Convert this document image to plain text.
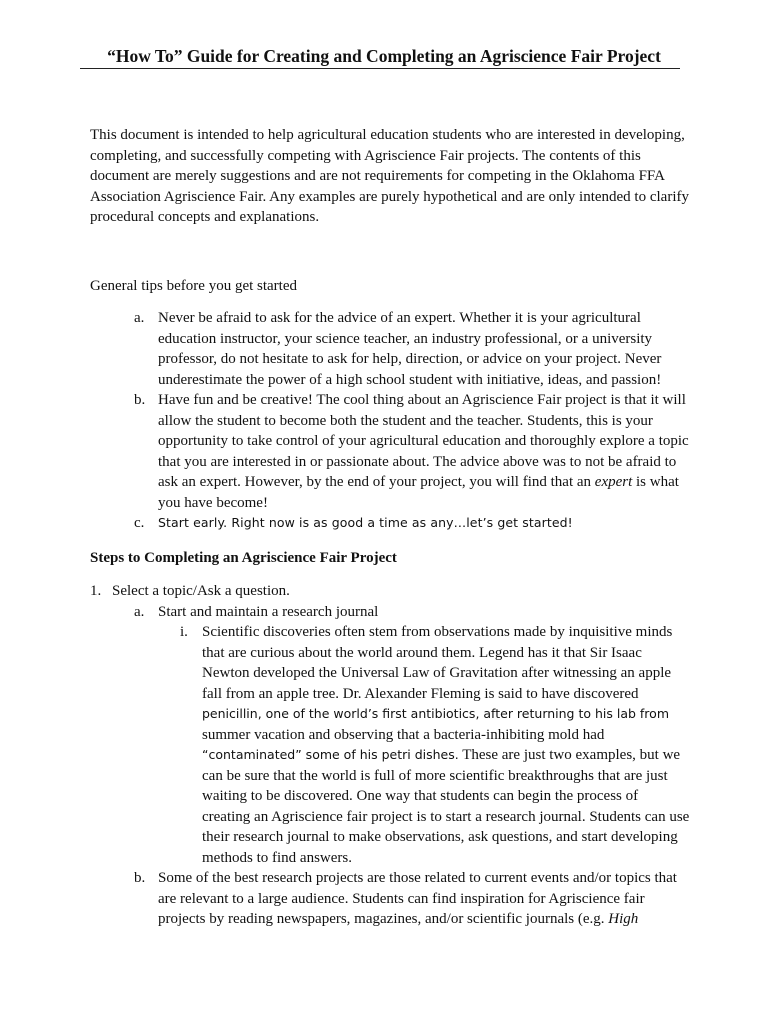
“How To” Guide for Creating and Completing an Agriscience Fair Project

This document is intended to help agricultural education students who are interested in developing, completing, and successfully competing with Agriscience Fair projects. The contents of this document are merely suggestions and are not requirements for competing in the Oklahoma FFA Association Agriscience Fair. Any examples are purely hypothetical and are only intended to clarify procedural concepts and explanations.

General tips before you get started

a. Never be afraid to ask for the advice of an expert. Whether it is your agricultural education instructor, your science teacher, an industry professional, or a university professor, do not hesitate to ask for help, direction, or advice on your project. Never underestimate the power of a high school student with initiative, ideas, and passion!
b. Have fun and be creative! The cool thing about an Agriscience Fair project is that it will allow the student to become both the student and the teacher. Students, this is your opportunity to take control of your agricultural education and thoroughly explore a topic that you are interested in or passionate about. The advice above was to not be afraid to ask an expert. However, by the end of your project, you will find that an expert is what you have become!
c. Start early. Right now is as good a time as any…let’s get started!

Steps to Completing an Agriscience Fair Project

1. Select a topic/Ask a question.
a. Start and maintain a research journal
i. Scientific discoveries often stem from observations made by inquisitive minds that are curious about the world around them. Legend has it that Sir Isaac Newton developed the Universal Law of Gravitation after witnessing an apple fall from an apple tree. Dr. Alexander Fleming is said to have discovered penicillin, one of the world’s first antibiotics, after returning to his lab from summer vacation and observing that a bacteria-inhibiting mold had “contaminated” some of his petri dishes. These are just two examples, but we can be sure that the world is full of more scientific breakthroughs that are just waiting to be discovered. One way that students can begin the process of creating an Agriscience fair project is to start a research journal. Students can use their research journal to make observations, ask questions, and start developing methods to find answers.
b. Some of the best research projects are those related to current events and/or topics that are relevant to a large audience. Students can find inspiration for Agriscience fair projects by reading newspapers, magazines, and/or scientific journals (e.g. High
